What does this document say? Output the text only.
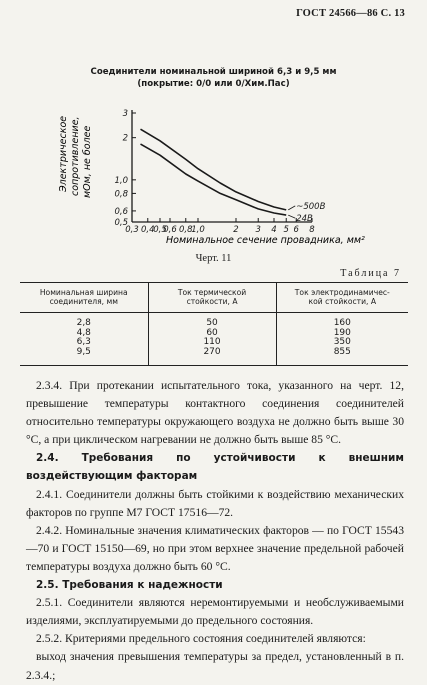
ГОСТ 24566—86 С. 13
Соединители номинальной шириной 6,3 и 9,5 мм
(покрытие: 0/0 или 0/Хим.Пас)
Электрическое сопротивление, мОм, не более
0,5
0,6
0,8
1,0
2
3
0,3 0,4
0,5
0,6 0,8
1,0	2 3 4 5 6 8
~500В
24В
Номинальное сечение провадника, мм²
Черт. 11
Таблица 7
Номинальная ширина
соединителя, мм	Ток термической
стойкости, А	Ток электродинамичес-
кой стойкости, А
2,8	50	160
4,8	60	190
6,3	110	350
9,5	270	855

2.3.4. При протекании испытательного тока, указанного на черт. 12, превышение температуры контактного соединения соединителей относительно температуры окружающего воздуха не должно быть выше 30 °С, а при циклическом нагревании не должно быть выше 85 °С.

2.4. Требования по устойчивости к внешним воздействующим факторам

2.4.1. Соединители должны быть стойкими к воздействию механических факторов по группе М7 ГОСТ 17516—72.

2.4.2. Номинальные значения климатических факторов — по ГОСТ 15543—70 и ГОСТ 15150—69, но при этом верхнее значение предельной рабочей температуры воздуха должно быть 60 °С.

2.5. Требования к надежности

2.5.1. Соединители являются неремонтируемыми и необслуживаемыми изделиями, эксплуатируемыми до предельного состояния.

2.5.2. Критериями предельного состояния соединителей являются:

выход значения превышения температуры за предел, установленный в п. 2.3.4.;
